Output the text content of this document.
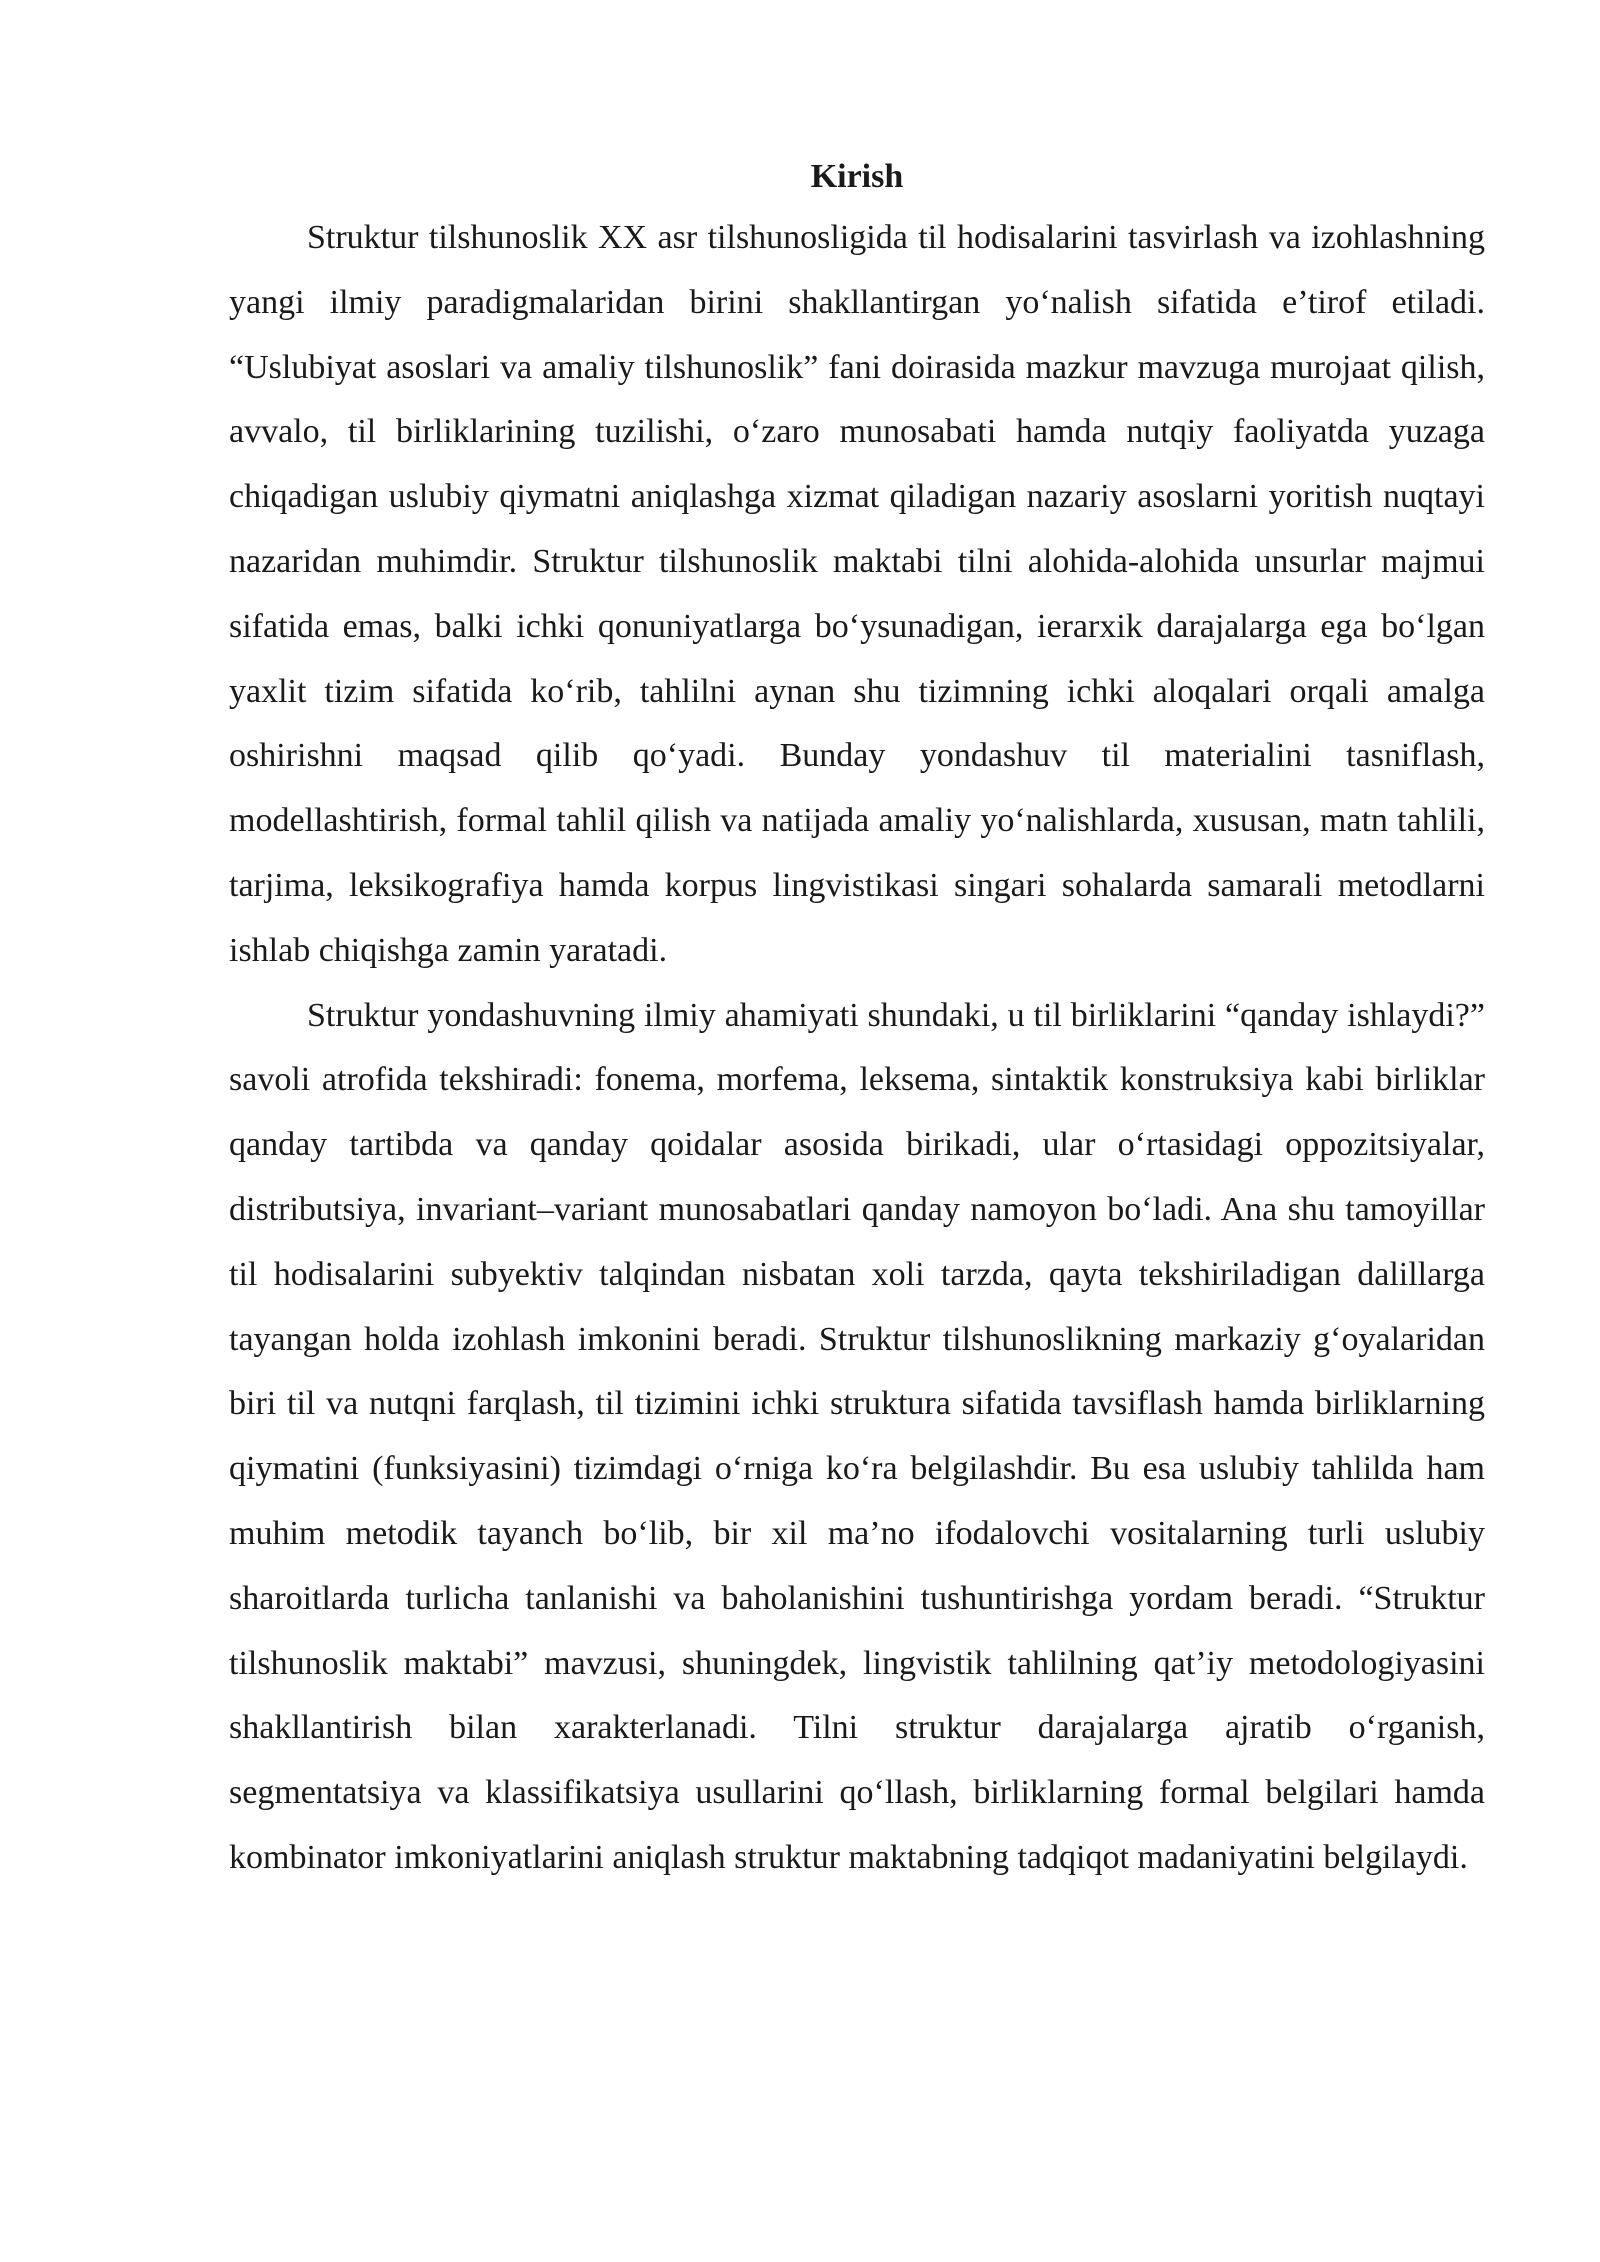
Kirish

Struktur tilshunoslik XX asr tilshunosligida til hodisalarini tasvirlash va izohlashning yangi ilmiy paradigmalaridan birini shakllantirgan yo‘nalish sifatida e’tirof etiladi. “Uslubiyat asoslari va amaliy tilshunoslik” fani doirasida mazkur mavzuga murojaat qilish, avvalo, til birliklarining tuzilishi, o‘zaro munosabati hamda nutqiy faoliyatda yuzaga chiqadigan uslubiy qiymatni aniqlashga xizmat qiladigan nazariy asoslarni yoritish nuqtayi nazaridan muhimdir. Struktur tilshunoslik maktabi tilni alohida-alohida unsurlar majmui sifatida emas, balki ichki qonuniyatlarga bo‘ysunadigan, ierarxik darajalarga ega bo‘lgan yaxlit tizim sifatida ko‘rib, tahlilni aynan shu tizimning ichki aloqalari orqali amalga oshirishni maqsad qilib qo‘yadi. Bunday yondashuv til materialini tasniflash, modellashtirish, formal tahlil qilish va natijada amaliy yo‘nalishlarda, xususan, matn tahlili, tarjima, leksikografiya hamda korpus lingvistikasi singari sohalarda samarali metodlarni ishlab chiqishga zamin yaratadi.

Struktur yondashuvning ilmiy ahamiyati shundaki, u til birliklarini “qanday ishlaydi?” savoli atrofida tekshiradi: fonema, morfema, leksema, sintaktik konstruksiya kabi birliklar qanday tartibda va qanday qoidalar asosida birikadi, ular o‘rtasidagi oppozitsiyalar, distributsiya, invariant–variant munosabatlari qanday namoyon bo‘ladi. Ana shu tamoyillar til hodisalarini subyektiv talqindan nisbatan xoli tarzda, qayta tekshiriladigan dalillarga tayangan holda izohlash imkonini beradi. Struktur tilshunoslikning markaziy g‘oyalaridan biri til va nutqni farqlash, til tizimini ichki struktura sifatida tavsiflash hamda birliklarning qiymatini (funksiyasini) tizimdagi o‘rniga ko‘ra belgilashdir. Bu esa uslubiy tahlilda ham muhim metodik tayanch bo‘lib, bir xil ma’no ifodalovchi vositalarning turli uslubiy sharoitlarda turlicha tanlanishi va baholanishini tushuntirishga yordam beradi. “Struktur tilshunoslik maktabi” mavzusi, shuningdek, lingvistik tahlilning qat’iy metodologiyasini shakllantirish bilan xarakterlanadi. Tilni struktur darajalarga ajratib o‘rganish, segmentatsiya va klassifikatsiya usullarini qo‘llash, birliklarning formal belgilari hamda kombinator imkoniyatlarini aniqlash struktur maktabning tadqiqot madaniyatini belgilaydi.
